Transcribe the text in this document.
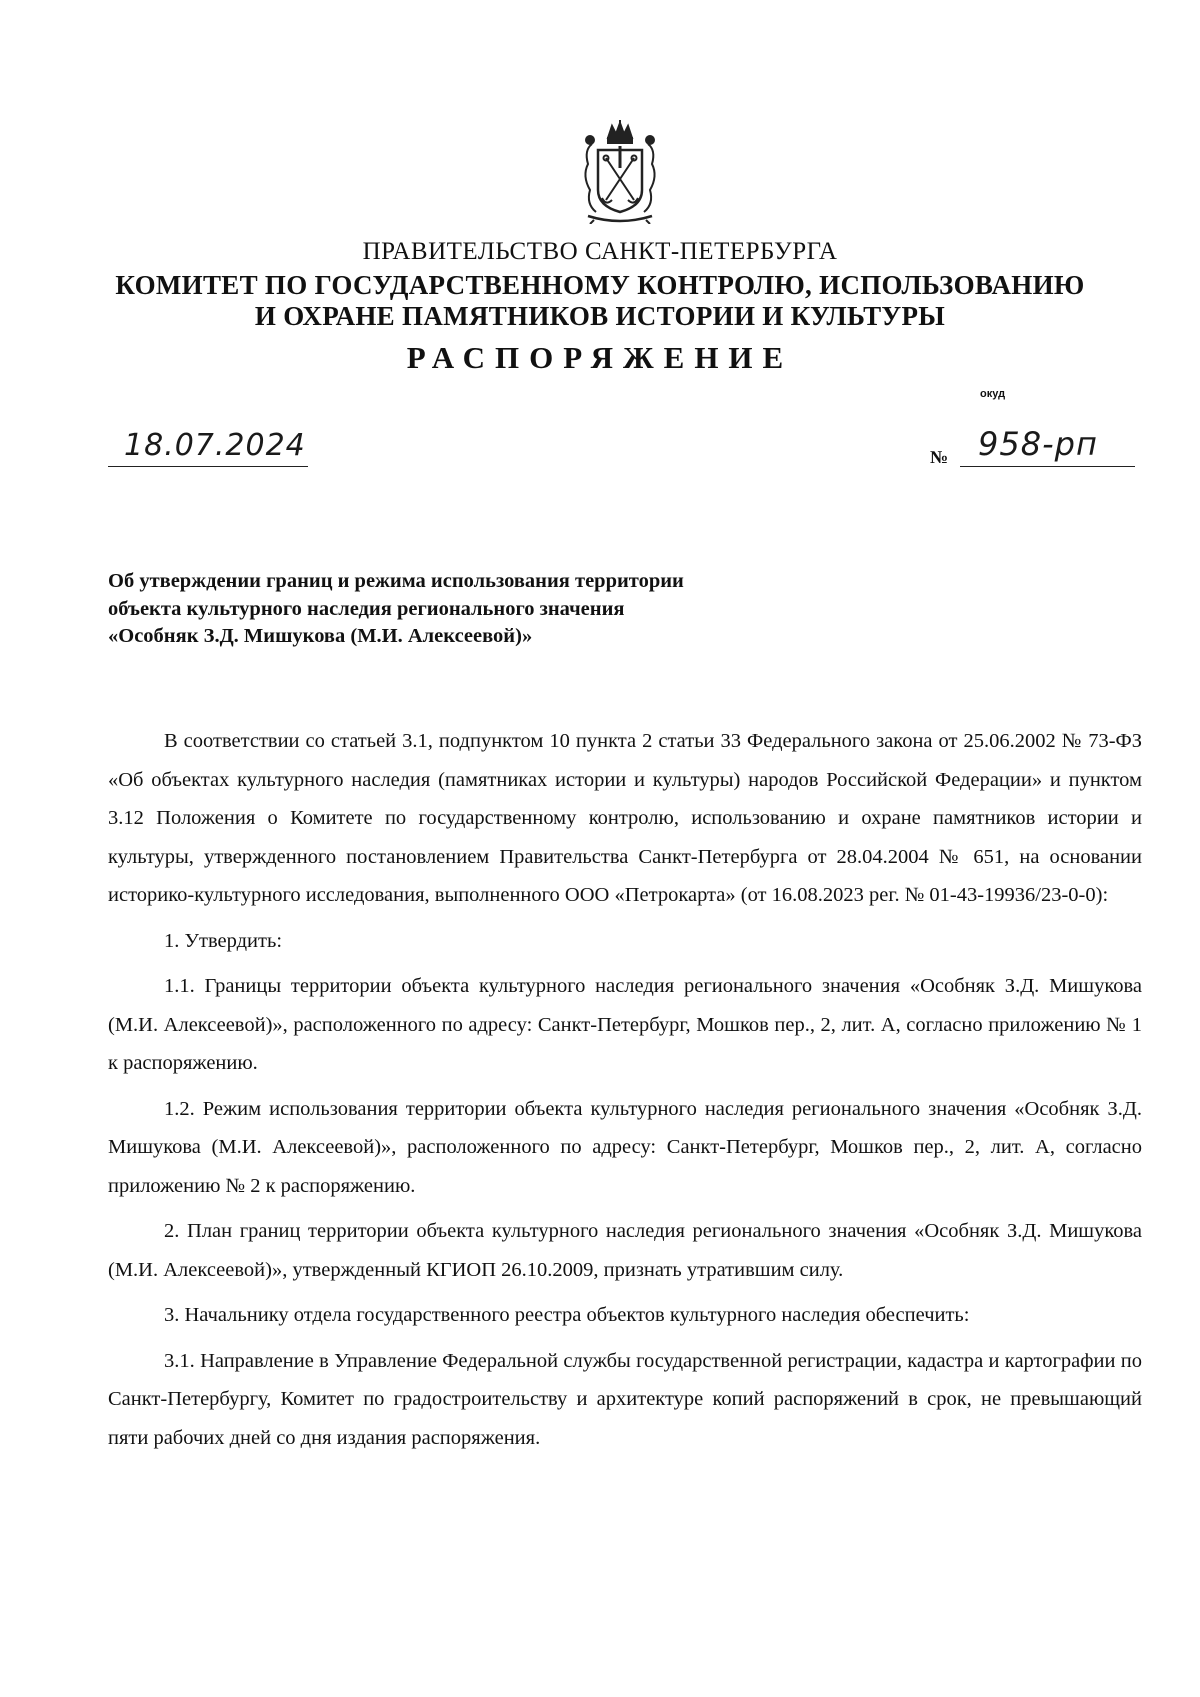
ПРАВИТЕЛЬСТВО САНКТ-ПЕТЕРБУРГА
КОМИТЕТ ПО ГОСУДАРСТВЕННОМУ КОНТРОЛЮ, ИСПОЛЬЗОВАНИЮ
И ОХРАНЕ ПАМЯТНИКОВ ИСТОРИИ И КУЛЬТУРЫ
РАСПОРЯЖЕНИЕ
окуд
18.07.2024	№ 958-рп
Об утверждении границ и режима использования территории
объекта культурного наследия регионального значения
«Особняк З.Д. Мишукова (М.И. Алексеевой)»

В соответствии со статьей 3.1, подпунктом 10 пункта 2 статьи 33 Федерального закона от 25.06.2002 № 73-ФЗ «Об объектах культурного наследия (памятниках истории и культуры) народов Российской Федерации» и пунктом 3.12 Положения о Комитете по государственному контролю, использованию и охране памятников истории и культуры, утвержденного постановлением Правительства Санкт-Петербурга от 28.04.2004 № 651, на основании историко-культурного исследования, выполненного ООО «Петрокарта» (от 16.08.2023 рег. № 01-43-19936/23-0-0):

1. Утвердить:

1.1. Границы территории объекта культурного наследия регионального значения «Особняк З.Д. Мишукова (М.И. Алексеевой)», расположенного по адресу: Санкт-Петербург, Мошков пер., 2, лит. А, согласно приложению № 1 к распоряжению.

1.2. Режим использования территории объекта культурного наследия регионального значения «Особняк З.Д. Мишукова (М.И. Алексеевой)», расположенного по адресу: Санкт-Петербург, Мошков пер., 2, лит. А, согласно приложению № 2 к распоряжению.

2. План границ территории объекта культурного наследия регионального значения «Особняк З.Д. Мишукова (М.И. Алексеевой)», утвержденный КГИОП 26.10.2009, признать утратившим силу.

3. Начальнику отдела государственного реестра объектов культурного наследия обеспечить:

3.1. Направление в Управление Федеральной службы государственной регистрации, кадастра и картографии по Санкт-Петербургу, Комитет по градостроительству и архитектуре копий распоряжений в срок, не превышающий пяти рабочих дней со дня издания распоряжения.
